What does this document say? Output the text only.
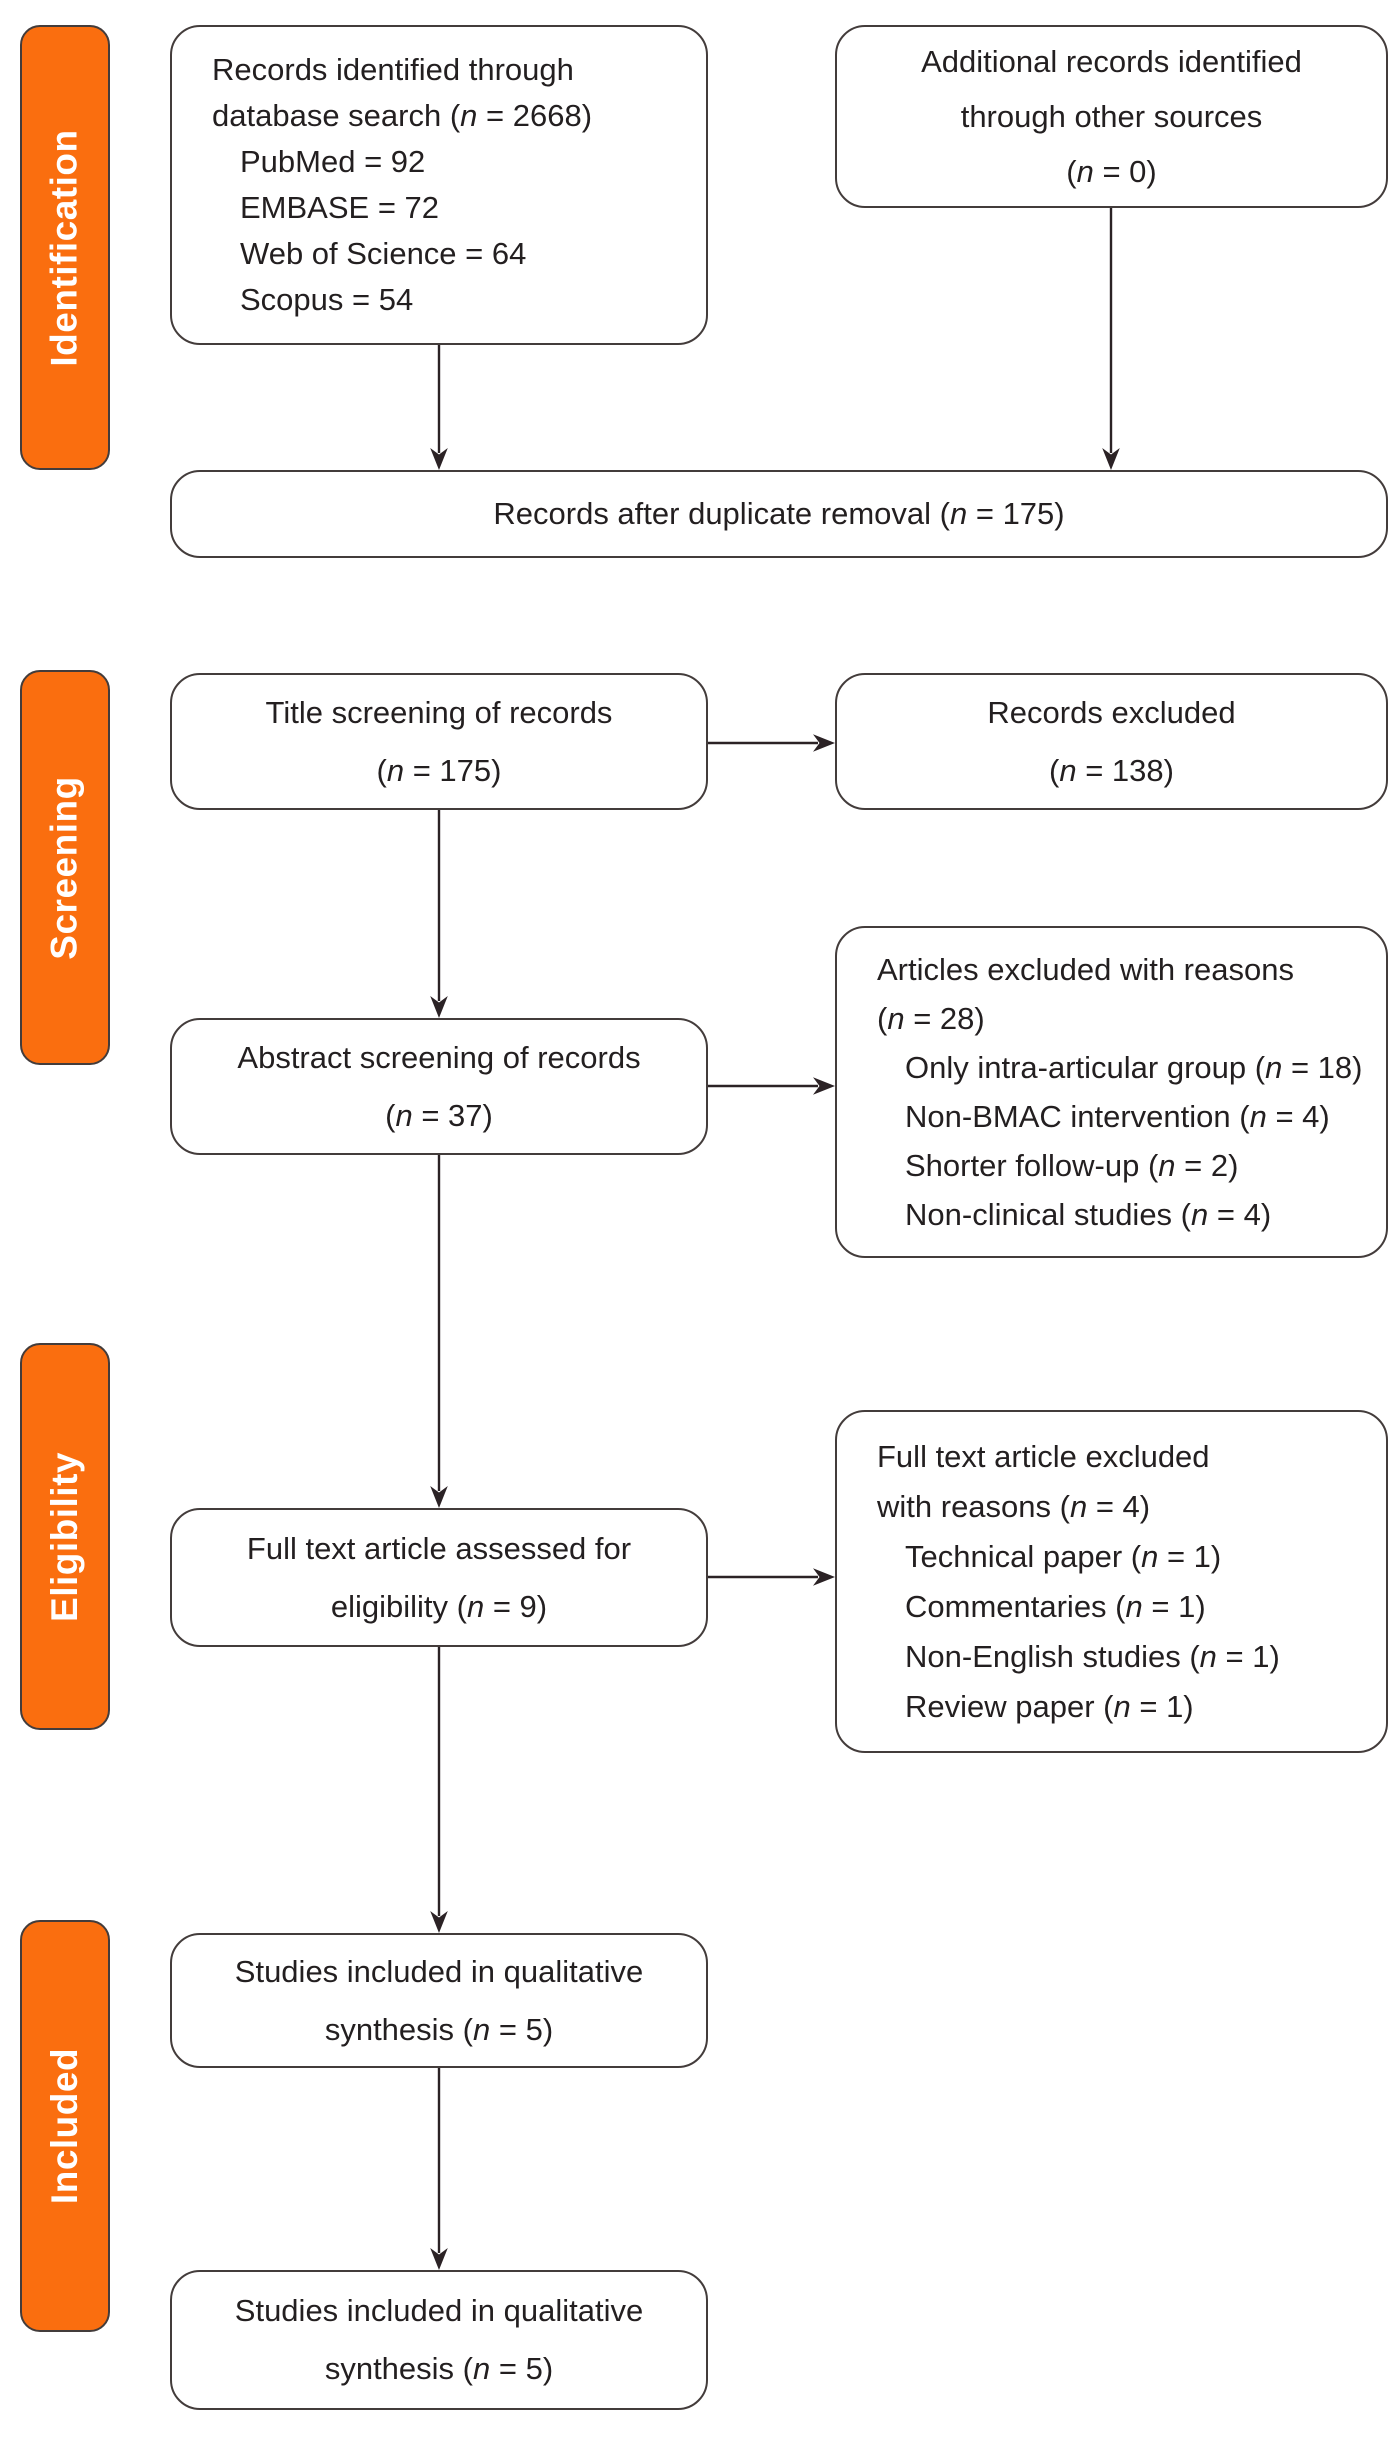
Identification
Screening
Eligibility
Included
Records identified through
database search (n = 2668)
PubMed = 92
EMBASE = 72
Web of Science = 64
Scopus = 54
Additional records identified
through other sources
(n = 0)
Records after duplicate removal (n = 175)
Title screening of records
(n = 175)
Records excluded
(n = 138)
Abstract screening of records
(n = 37)
Articles excluded with reasons
(n = 28)
Only intra-articular group (n = 18)
Non-BMAC intervention (n = 4)
Shorter follow-up (n = 2)
Non-clinical studies (n = 4)
Full text article assessed for
eligibility (n = 9)
Full text article excluded
with reasons (n = 4)
Technical paper (n = 1)
Commentaries (n = 1)
Non-English studies (n = 1)
Review paper (n = 1)
Studies included in qualitative
synthesis (n = 5)
Studies included in qualitative
synthesis (n = 5)
